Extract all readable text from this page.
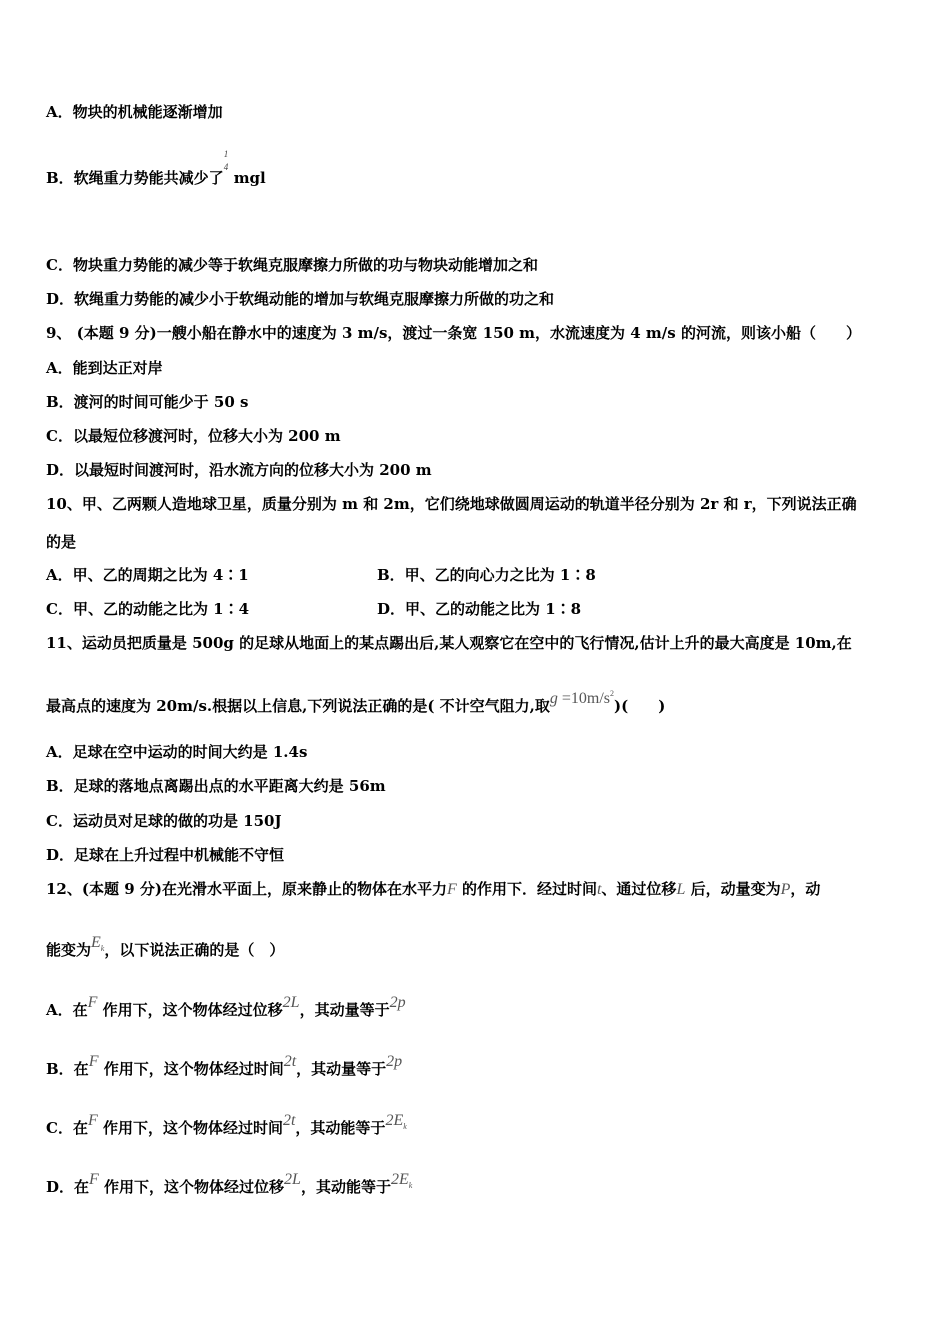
A．物块的机械能逐渐增加
B．软绳重力势能共减少了
1
4
mgl
C．物块重力势能的减少等于软绳克服摩擦力所做的功与物块动能增加之和
D．软绳重力势能的减少小于软绳动能的增加与软绳克服摩擦力所做的功之和
9、 (本题 9 分)一艘小船在静水中的速度为 3 m/s，渡过一条宽 150 m，水流速度为 4 m/s 的河流，则该小船（　　）
A．能到达正对岸
B．渡河的时间可能少于 50 s
C．以最短位移渡河时，位移大小为 200 m
D．以最短时间渡河时，沿水流方向的位移大小为 200 m
10、甲、乙两颗人造地球卫星，质量分别为 m 和 2m，它们绕地球做圆周运动的轨道半径分别为 2r 和 r，下列说法正确
的是
A．甲、乙的周期之比为 4∶1	B．甲、乙的向心力之比为 1∶8
C．甲、乙的动能之比为 1∶4	D．甲、乙的动能之比为 1∶8
11、运动员把质量是 500g 的足球从地面上的某点踢出后,某人观察它在空中的飞行情况,估计上升的最大高度是 10m,在
最高点的速度为 20m/s.根据以上信息,下列说法正确的是( 不计空气阻力,取$g =10m/s^2$)(　　)
A．足球在空中运动的时间大约是 1.4s
B．足球的落地点离踢出点的水平距离大约是 56m
C．运动员对足球的做的功是 150J
D．足球在上升过程中机械能不守恒
12、(本题 9 分)在光滑水平面上，原来静止的物体在水平力F 的作用下．经过时间t、通过位移L 后，动量变为P，动
能变为$E_k$，以下说法正确的是（　）
A．在F 作用下，这个物体经过位移2L，其动量等于2p
B．在F 作用下，这个物体经过时间2t，其动量等于2p
C．在F 作用下，这个物体经过时间2t，其动能等于$2E_k$
D．在F 作用下，这个物体经过位移2L，其动能等于$2E_k$
